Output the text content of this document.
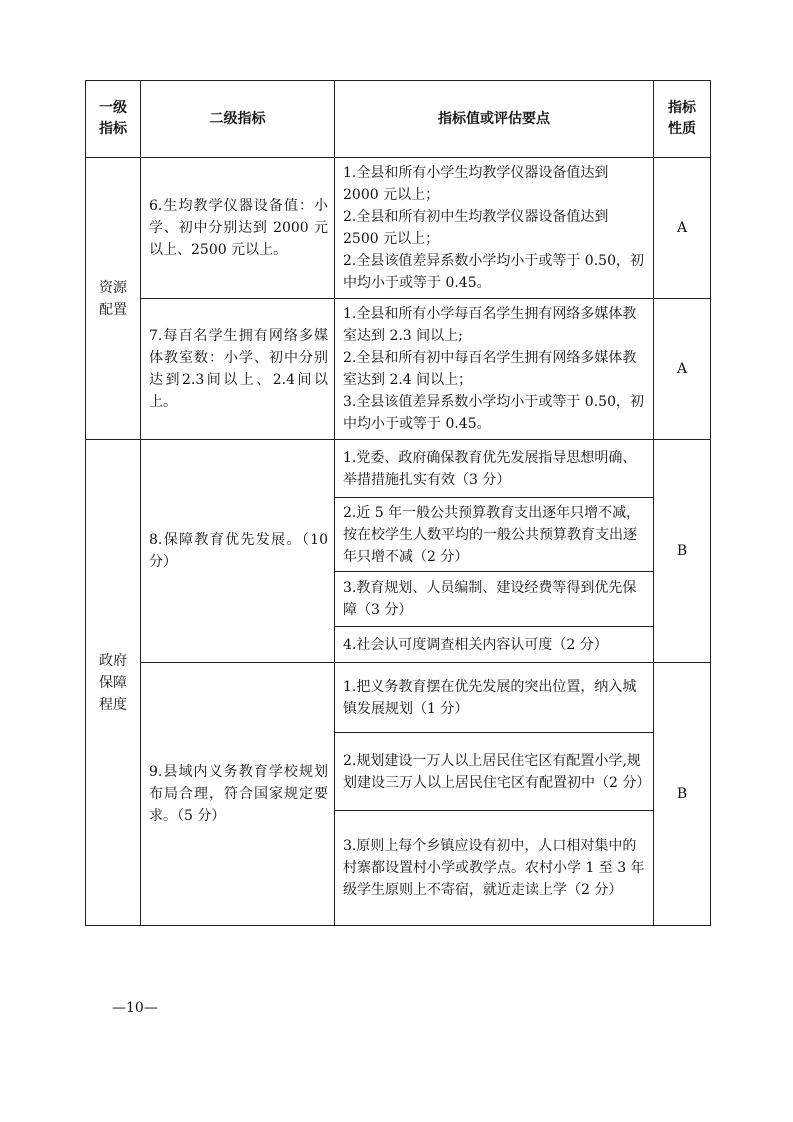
一级指标	二级指标	指标值或评估要点	指标性质
资源配置	6.生均教学仪器设备值：小学、初中分别达到 2000 元以上、2500 元以上。	1.全县和所有小学生均教学仪器设备值达到 2000 元以上；
2.全县和所有初中生均教学仪器设备值达到 2500 元以上；
2.全县该值差异系数小学均小于或等于 0.50，初中均小于或等于 0.45。	A
	7.每百名学生拥有网络多媒体教室数：小学、初中分别达到2.3间以上、2.4间以上。	1.全县和所有小学每百名学生拥有网络多媒体教室达到 2.3 间以上;
2.全县和所有初中每百名学生拥有网络多媒体教室达到 2.4 间以上；
3.全县该值差异系数小学均小于或等于 0.50，初中均小于或等于 0.45。	A
政府保障程度	8.保障教育优先发展。（10 分）	1.党委、政府确保教育优先发展指导思想明确、举措措施扎实有效（3 分）	B
		2.近 5 年一般公共预算教育支出逐年只增不减，按在校学生人数平均的一般公共预算教育支出逐年只增不减（2 分）	
		3.教育规划、人员编制、建设经费等得到优先保障（3 分）	
		4.社会认可度调查相关内容认可度（2 分）	
	9.县域内义务教育学校规划布局合理，符合国家规定要求。（5 分）	1.把义务教育摆在优先发展的突出位置，纳入城镇发展规划（1 分）	B
		2.规划建设一万人以上居民住宅区有配置小学,规划建设三万人以上居民住宅区有配置初中（2 分）	
		3.原则上每个乡镇应设有初中，人口相对集中的村寨都设置村小学或教学点。农村小学 1 至 3 年级学生原则上不寄宿，就近走读上学（2 分）	
—10—
